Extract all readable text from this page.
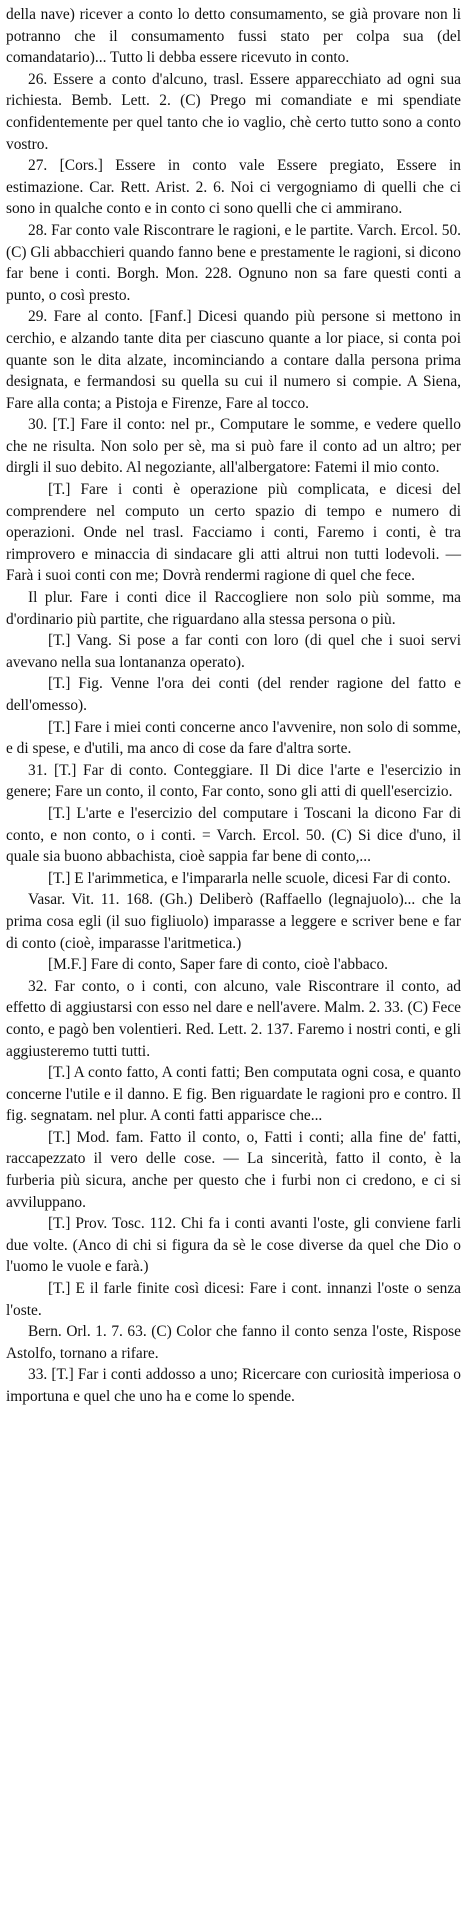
della nave) ricever a conto lo detto consumamento, se già provare non li potranno che il consumamento fussi stato per colpa sua (del comandatario)... Tutto li debba essere ricevuto in conto.

26. Essere a conto d'alcuno, trasl. Essere apparecchiato ad ogni sua richiesta. Bemb. Lett. 2. (C) Prego mi comandiate e mi spendiate confidentemente per quel tanto che io vaglio, chè certo tutto sono a conto vostro.

27. [Cors.] Essere in conto vale Essere pregiato, Essere in estimazione. Car. Rett. Arist. 2. 6. Noi ci vergogniamo di quelli che ci sono in qualche conto e in conto ci sono quelli che ci ammirano.

28. Far conto vale Riscontrare le ragioni, e le partite. Varch. Ercol. 50. (C) Gli abbacchieri quando fanno bene e prestamente le ragioni, si dicono far bene i conti. Borgh. Mon. 228. Ognuno non sa fare questi conti a punto, o così presto.

29. Fare al conto. [Fanf.] Dicesi quando più persone si mettono in cerchio, e alzando tante dita per ciascuno quante a lor piace, si conta poi quante son le dita alzate, incominciando a contare dalla persona prima designata, e fermandosi su quella su cui il numero si compie. A Siena, Fare alla conta; a Pistoja e Firenze, Fare al tocco.

30. [T.] Fare il conto: nel pr., Computare le somme, e vedere quello che ne risulta. Non solo per sè, ma si può fare il conto ad un altro; per dirgli il suo debito. Al negoziante, all'albergatore: Fatemi il mio conto.

[T.] Fare i conti è operazione più complicata, e dicesi del comprendere nel computo un certo spazio di tempo e numero di operazioni. Onde nel trasl. Facciamo i conti, Faremo i conti, è tra rimprovero e minaccia di sindacare gli atti altrui non tutti lodevoli. — Farà i suoi conti con me; Dovrà rendermi ragione di quel che fece.

Il plur. Fare i conti dice il Raccogliere non solo più somme, ma d'ordinario più partite, che riguardano alla stessa persona o più.

[T.] Vang. Si pose a far conti con loro (di quel che i suoi servi avevano nella sua lontananza operato).

[T.] Fig. Venne l'ora dei conti (del render ragione del fatto e dell'omesso).

[T.] Fare i miei conti concerne anco l'avvenire, non solo di somme, e di spese, e d'utili, ma anco di cose da fare d'altra sorte.

31. [T.] Far di conto. Conteggiare. Il Di dice l'arte e l'esercizio in genere; Fare un conto, il conto, Far conto, sono gli atti di quell'esercizio.

[T.] L'arte e l'esercizio del computare i Toscani la dicono Far di conto, e non conto, o i conti. = Varch. Ercol. 50. (C) Si dice d'uno, il quale sia buono abbachista, cioè sappia far bene di conto,...

[T.] E l'arimmetica, e l'impararla nelle scuole, dicesi Far di conto.

Vasar. Vit. 11. 168. (Gh.) Deliberò (Raffaello (legnajuolo)... che la prima cosa egli (il suo figliuolo) imparasse a leggere e scriver bene e far di conto (cioè, imparasse l'aritmetica.)

[M.F.] Fare di conto, Saper fare di conto, cioè l'abbaco.

32. Far conto, o i conti, con alcuno, vale Riscontrare il conto, ad effetto di aggiustarsi con esso nel dare e nell'avere. Malm. 2. 33. (C) Fece conto, e pagò ben volentieri. Red. Lett. 2. 137. Faremo i nostri conti, e gli aggiusteremo tutti tutti.

[T.] A conto fatto, A conti fatti; Ben computata ogni cosa, e quanto concerne l'utile e il danno. E fig. Ben riguardate le ragioni pro e contro. Il fig. segnatam. nel plur. A conti fatti apparisce che...

[T.] Mod. fam. Fatto il conto, o, Fatti i conti; alla fine de' fatti, raccapezzato il vero delle cose. — La sincerità, fatto il conto, è la furberia più sicura, anche per questo che i furbi non ci credono, e ci si avviluppano.

[T.] Prov. Tosc. 112. Chi fa i conti avanti l'oste, gli conviene farli due volte. (Anco di chi si figura da sè le cose diverse da quel che Dio o l'uomo le vuole e farà.)

[T.] E il farle finite così dicesi: Fare i cont. innanzi l'oste o senza l'oste.

Bern. Orl. 1. 7. 63. (C) Color che fanno il conto senza l'oste, Rispose Astolfo, tornano a rifare.

33. [T.] Far i conti addosso a uno; Ricercare con curiosità imperiosa o importuna e quel che uno ha e come lo spende.
